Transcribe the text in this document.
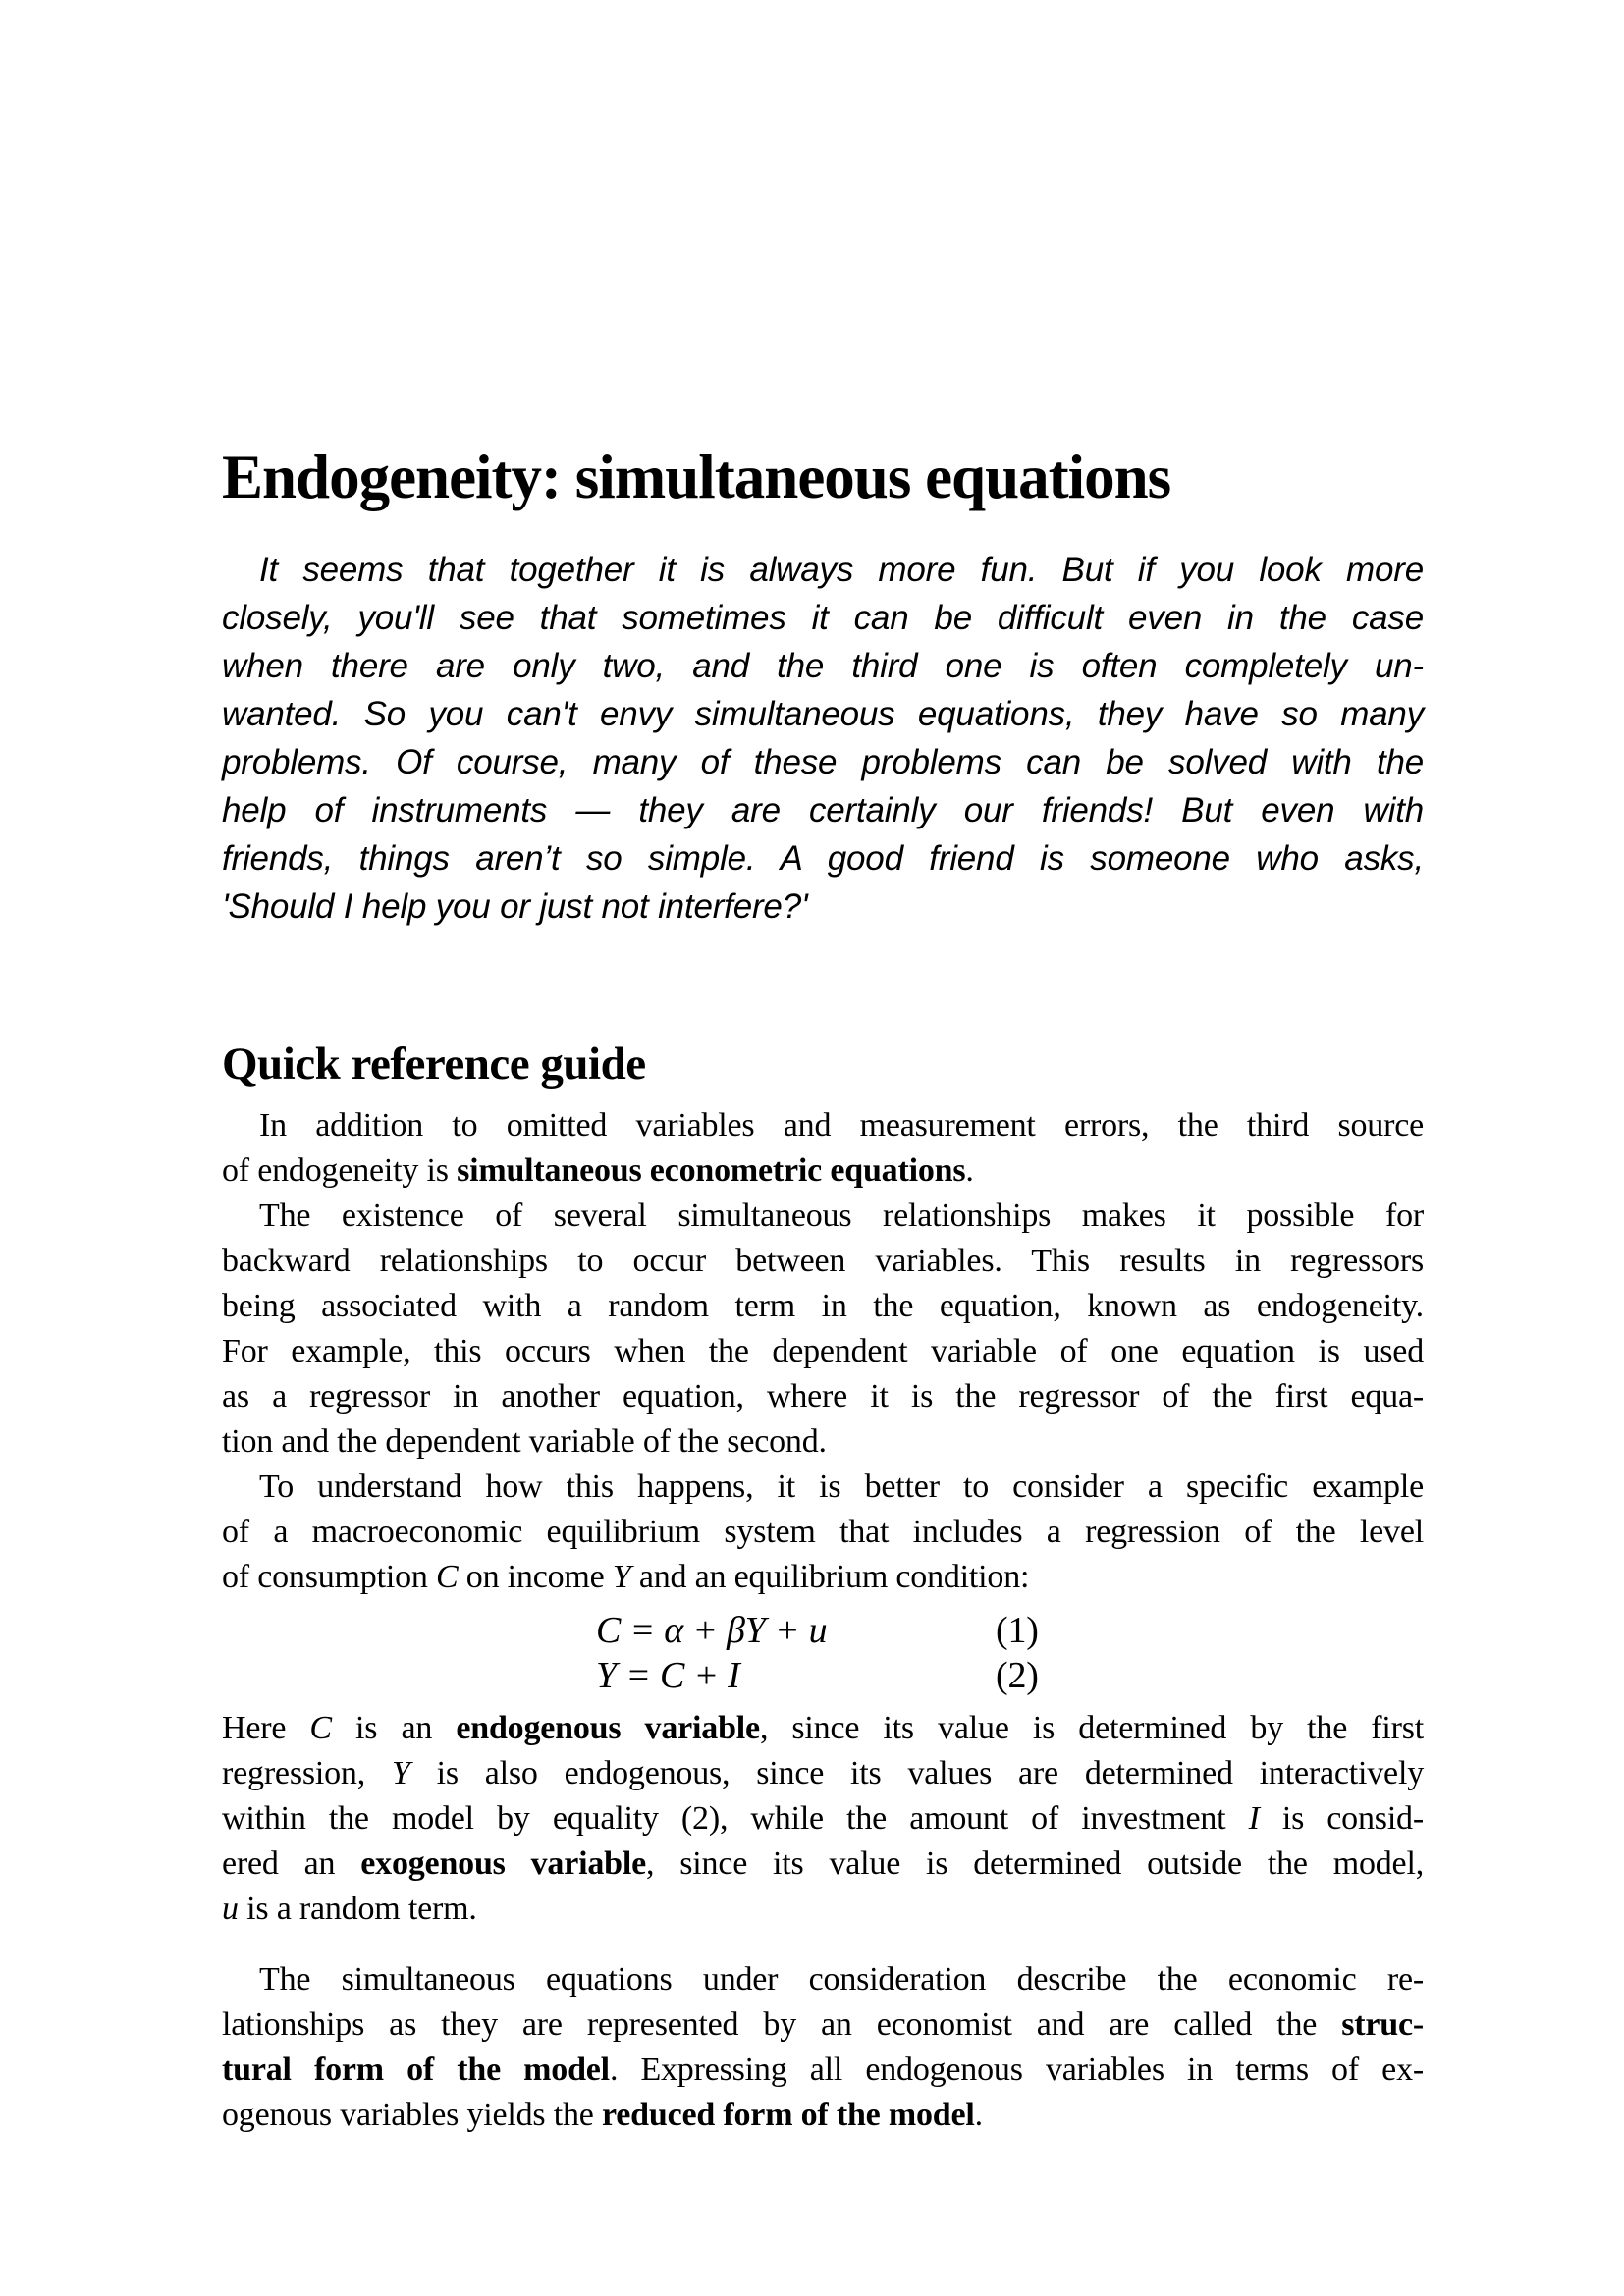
Endogeneity: simultaneous equations
It seems that together it is always more fun. But if you look more
closely, you'll see that sometimes it can be difficult even in the case
when there are only two, and the third one is often completely un-
wanted. So you can't envy simultaneous equations, they have so many
problems. Of course, many of these problems can be solved with the
help of instruments — they are certainly our friends! But even with
friends, things aren’t so simple. A good friend is someone who asks,
'Should I help you or just not interfere?'
Quick reference guide
In addition to omitted variables and measurement errors, the third source
of endogeneity is simultaneous econometric equations.
The existence of several simultaneous relationships makes it possible for
backward relationships to occur between variables. This results in regressors
being associated with a random term in the equation, known as endogeneity.
For example, this occurs when the dependent variable of one equation is used
as a regressor in another equation, where it is the regressor of the first equa-
tion and the dependent variable of the second.
To understand how this happens, it is better to consider a specific example
of a macroeconomic equilibrium system that includes a regression of the level
of consumption C on income Y and an equilibrium condition:
C = α + βY + u	(1)
Y = C + I	(2)
Here C is an endogenous variable, since its value is determined by the first
regression, Y is also endogenous, since its values are determined interactively
within the model by equality (2), while the amount of investment I is consid-
ered an exogenous variable, since its value is determined outside the model,
u is a random term.
The simultaneous equations under consideration describe the economic re-
lationships as they are represented by an economist and are called the struc-
tural form of the model. Expressing all endogenous variables in terms of ex-
ogenous variables yields the reduced form of the model.
